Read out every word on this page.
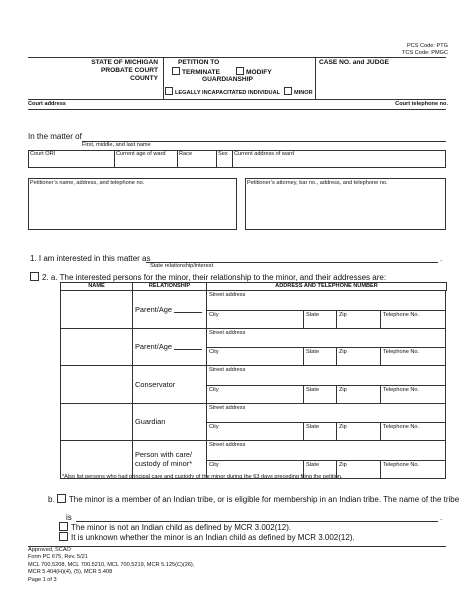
PCS Code: PTG
TCS Code: PMGC
STATE OF MICHIGAN
PROBATE COURT
COUNTY
PETITION TO
TERMINATE	MODIFY
GUARDIANSHIP
LEGALLY INCAPACITATED INDIVIDUAL	MINOR
CASE NO. and JUDGE
Court address	Court telephone no.
In the matter of
First, middle, and last name
Court ORI	Current age of ward Race	Sex Current address of ward
Petitioner’s name, address, and telephone no.	Petitioner’s attorney, bar no., address, and telephone no.
1. I am interested in this matter as	.
State relationship/interest
2. a. The interested persons for the minor, their relationship to the minor, and their addresses are:
NAME	RELATIONSHIP	ADDRESS AND TELEPHONE NUMBER
Parent/Age
Street address
City	State	Zip	Telephone No.
Parent/Age
Street address
City	State	Zip	Telephone No.
Conservator
Street address
City	State	Zip	Telephone No.
Guardian
Street address
City	State	Zip	Telephone No.
Person with care/ custody of minor*
Street address
City	State	Zip	Telephone No.
*Also list persons who had principal care and custody of the minor during the 63 days preceding filing the petition.
b. The minor is a member of an Indian tribe, or is eligible for membership in an Indian tribe. The name of the tribe
is	.
The minor is not an Indian child as defined by MCR 3.002(12).
It is unknown whether the minor is an Indian child as defined by MCR 3.002(12).
Approved, SCAO
Form PC 675, Rev. 5/21
MCL 700.5208, MCL 700.5210, MCL 700.5219, MCR 5.125(C)(26),
MCR 5.404(H)(4), (5), MCR 5.408
Page 1 of 3
